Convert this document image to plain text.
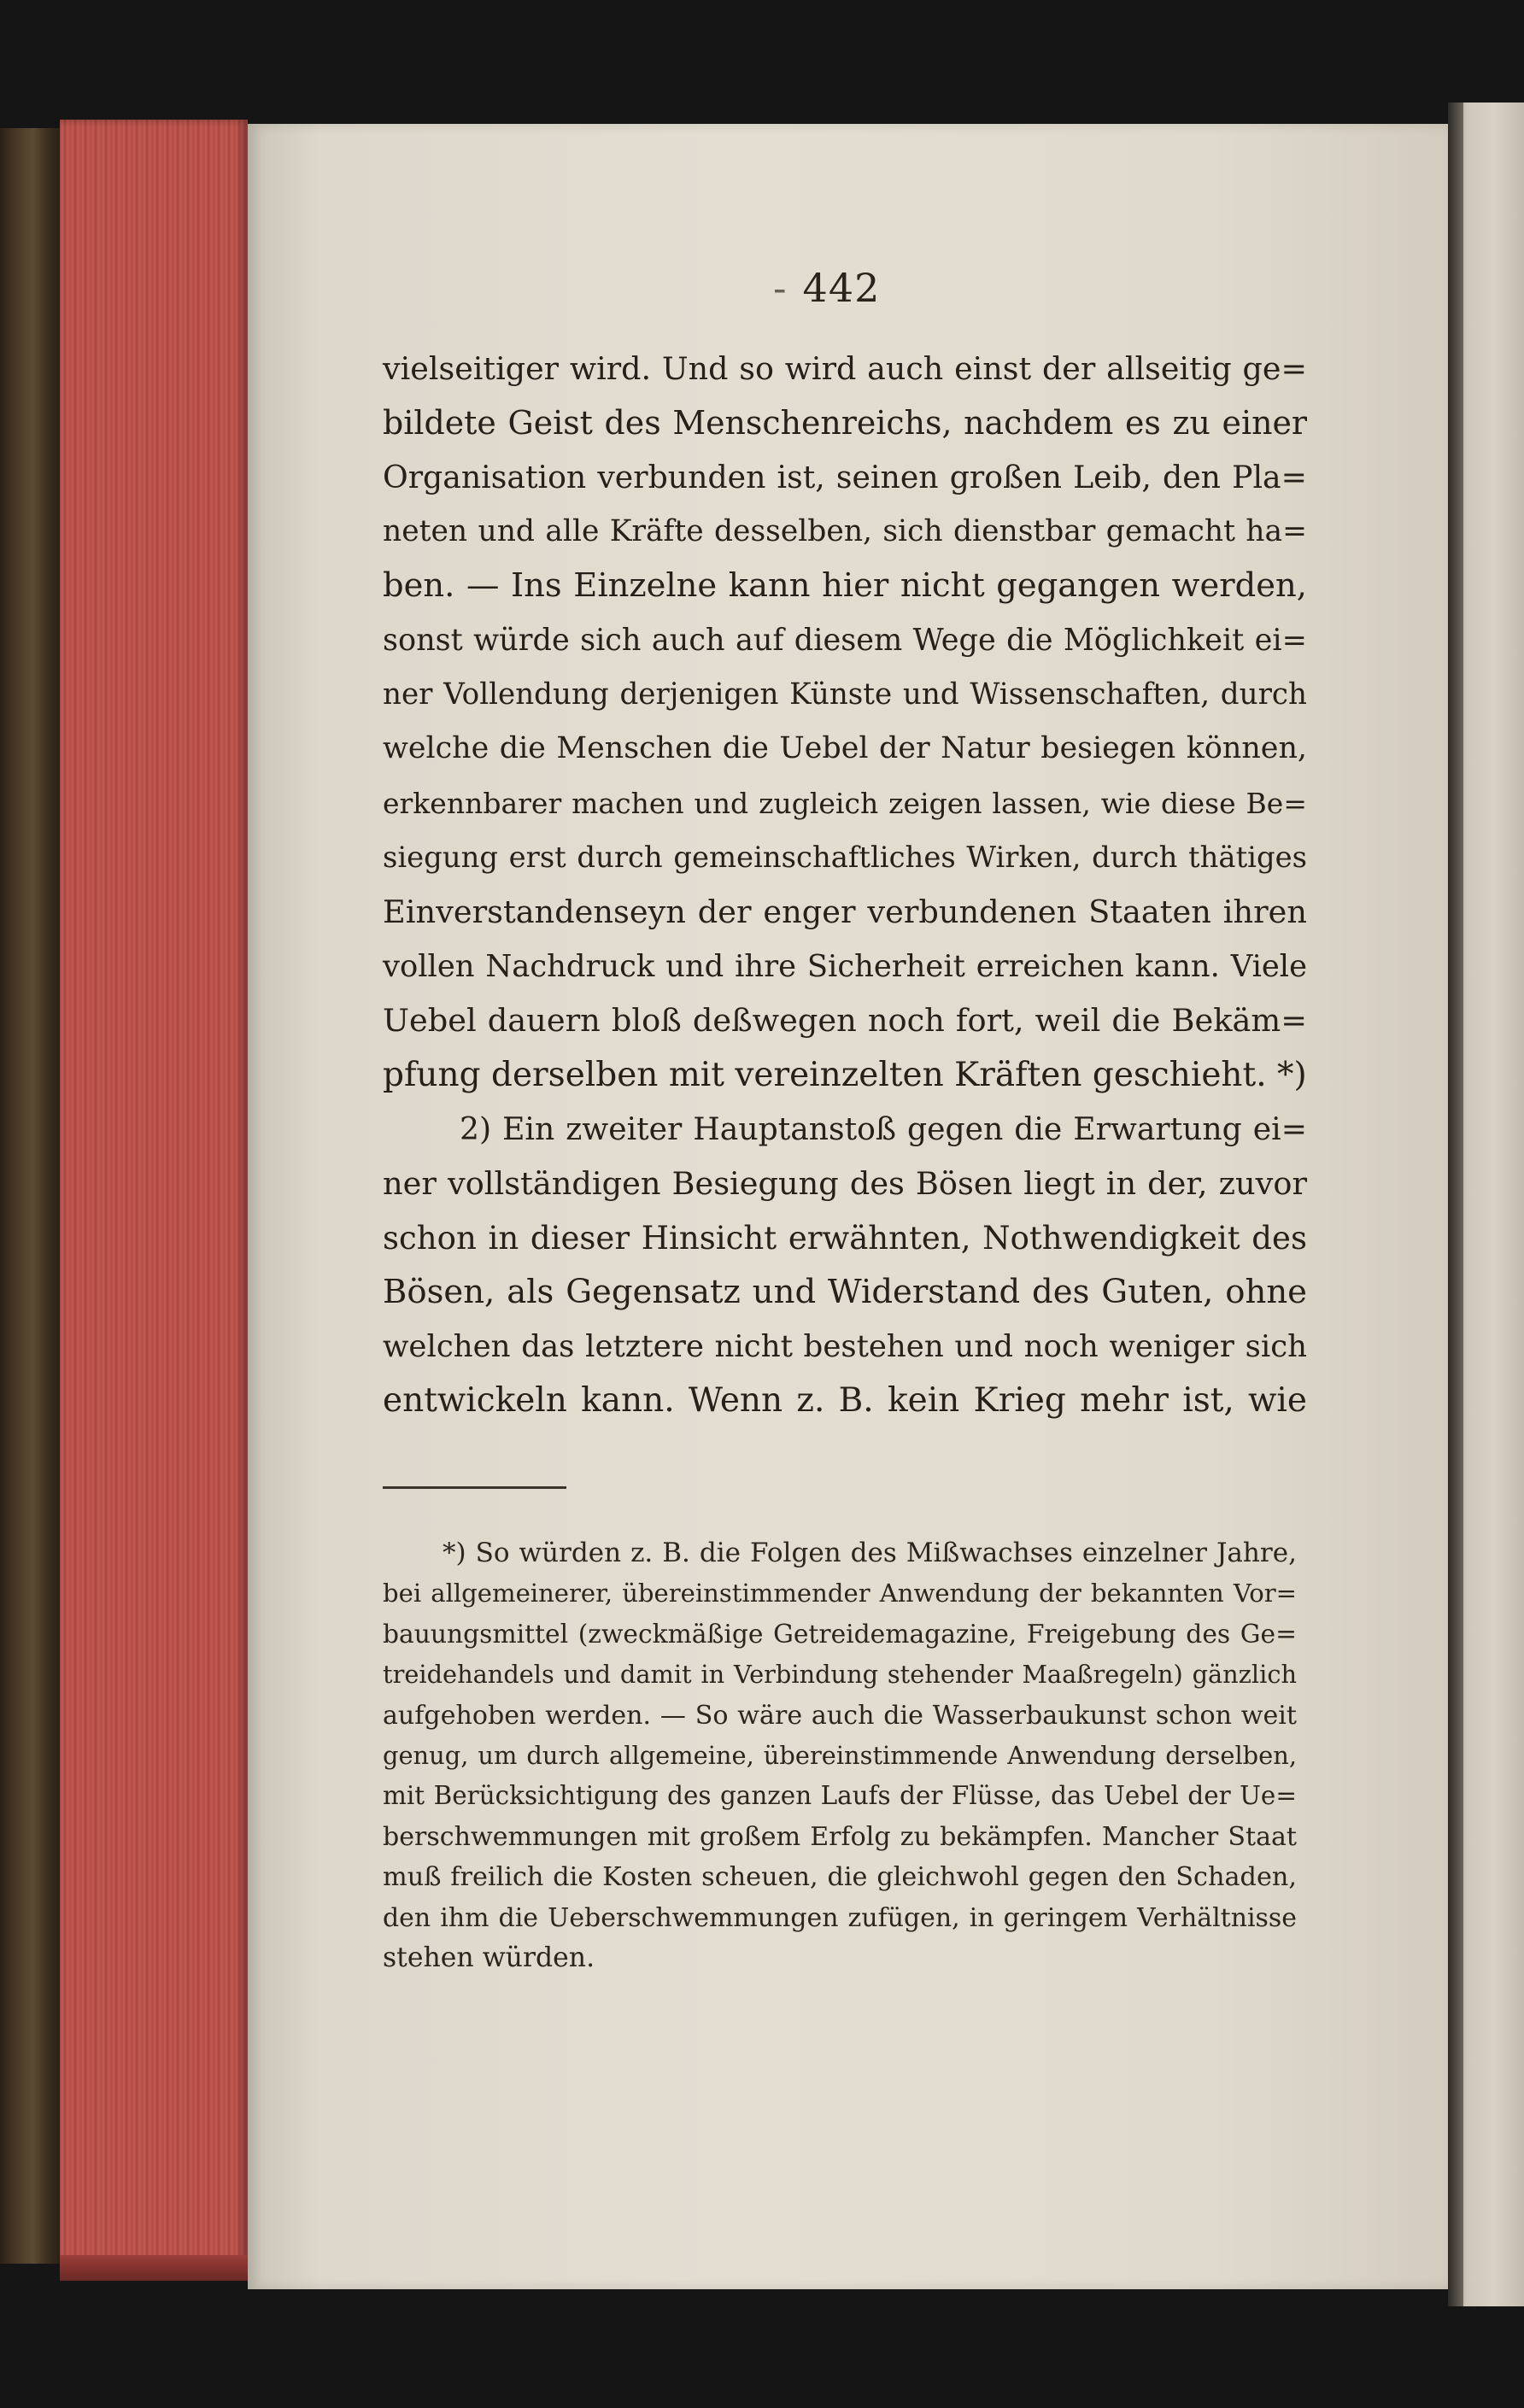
- 442
vielseitiger wird. Und so wird auch einst der allseitig ge=
bildete Geist des Menschenreichs, nachdem es zu einer
Organisation verbunden ist, seinen großen Leib, den Pla=
neten und alle Kräfte desselben, sich dienstbar gemacht ha=
ben. — Ins Einzelne kann hier nicht gegangen werden,
sonst würde sich auch auf diesem Wege die Möglichkeit ei=
ner Vollendung derjenigen Künste und Wissenschaften, durch
welche die Menschen die Uebel der Natur besiegen können,
erkennbarer machen und zugleich zeigen lassen, wie diese Be=
siegung erst durch gemeinschaftliches Wirken, durch thätiges
Einverstandenseyn der enger verbundenen Staaten ihren
vollen Nachdruck und ihre Sicherheit erreichen kann. Viele
Uebel dauern bloß deßwegen noch fort, weil die Bekäm=
pfung derselben mit vereinzelten Kräften geschieht. *)
2) Ein zweiter Hauptanstoß gegen die Erwartung ei=
ner vollständigen Besiegung des Bösen liegt in der, zuvor
schon in dieser Hinsicht erwähnten, Nothwendigkeit des
Bösen, als Gegensatz und Widerstand des Guten, ohne
welchen das letztere nicht bestehen und noch weniger sich
entwickeln kann. Wenn z. B. kein Krieg mehr ist, wie
*) So würden z. B. die Folgen des Mißwachses einzelner Jahre,
bei allgemeinerer, übereinstimmender Anwendung der bekannten Vor=
bauungsmittel (zweckmäßige Getreidemagazine, Freigebung des Ge=
treidehandels und damit in Verbindung stehender Maaßregeln) gänzlich
aufgehoben werden. — So wäre auch die Wasserbaukunst schon weit
genug, um durch allgemeine, übereinstimmende Anwendung derselben,
mit Berücksichtigung des ganzen Laufs der Flüsse, das Uebel der Ue=
berschwemmungen mit großem Erfolg zu bekämpfen. Mancher Staat
muß freilich die Kosten scheuen, die gleichwohl gegen den Schaden,
den ihm die Ueberschwemmungen zufügen, in geringem Verhältnisse
stehen würden.
